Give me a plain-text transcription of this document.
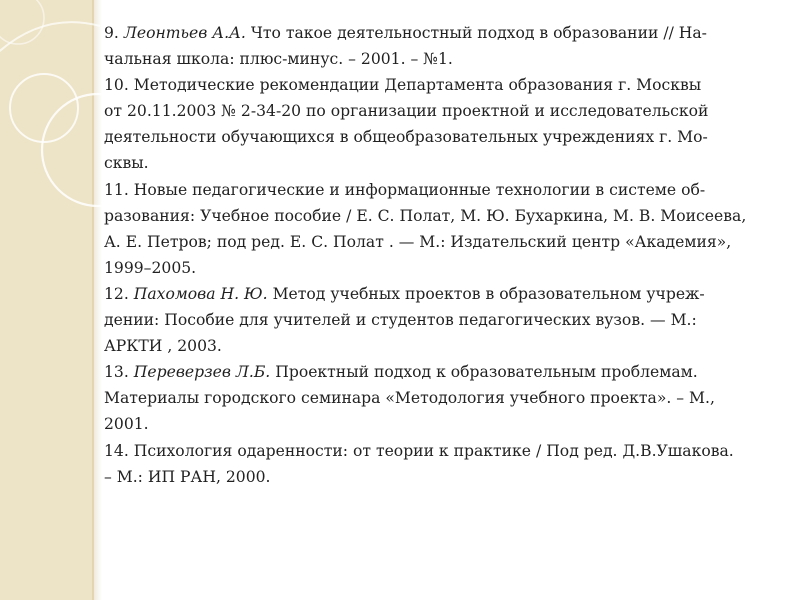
9. Леонтьев А.А. Что такое деятельностный подход в образовании // На-
чальная школа: плюс-минус. – 2001. – №1.
10. Методические рекомендации Департамента образования г. Москвы
от 20.11.2003 № 2-34-20 по организации проектной и исследовательской
деятельности обучающихся в общеобразовательных учреждениях г. Мо-
сквы.
11. Новые педагогические и информационные технологии в системе об-
разования: Учебное пособие / Е. С. Полат, М. Ю. Бухаркина, М. В. Моисеева,
А. Е. Петров; под ред. Е. С. Полат . — М.: Издательский центр «Академия»,
1999–2005.
12. Пахомова Н. Ю. Метод учебных проектов в образовательном учреж-
дении: Пособие для учителей и студентов педагогических вузов. — М.:
АРКТИ , 2003.
13. Переверзев Л.Б. Проектный подход к образовательным проблемам.
Материалы городского семинара «Методология учебного проекта». – М.,
2001.
14. Психология одаренности: от теории к практике / Под ред. Д.В.Ушакова.
– М.: ИП РАН, 2000.
